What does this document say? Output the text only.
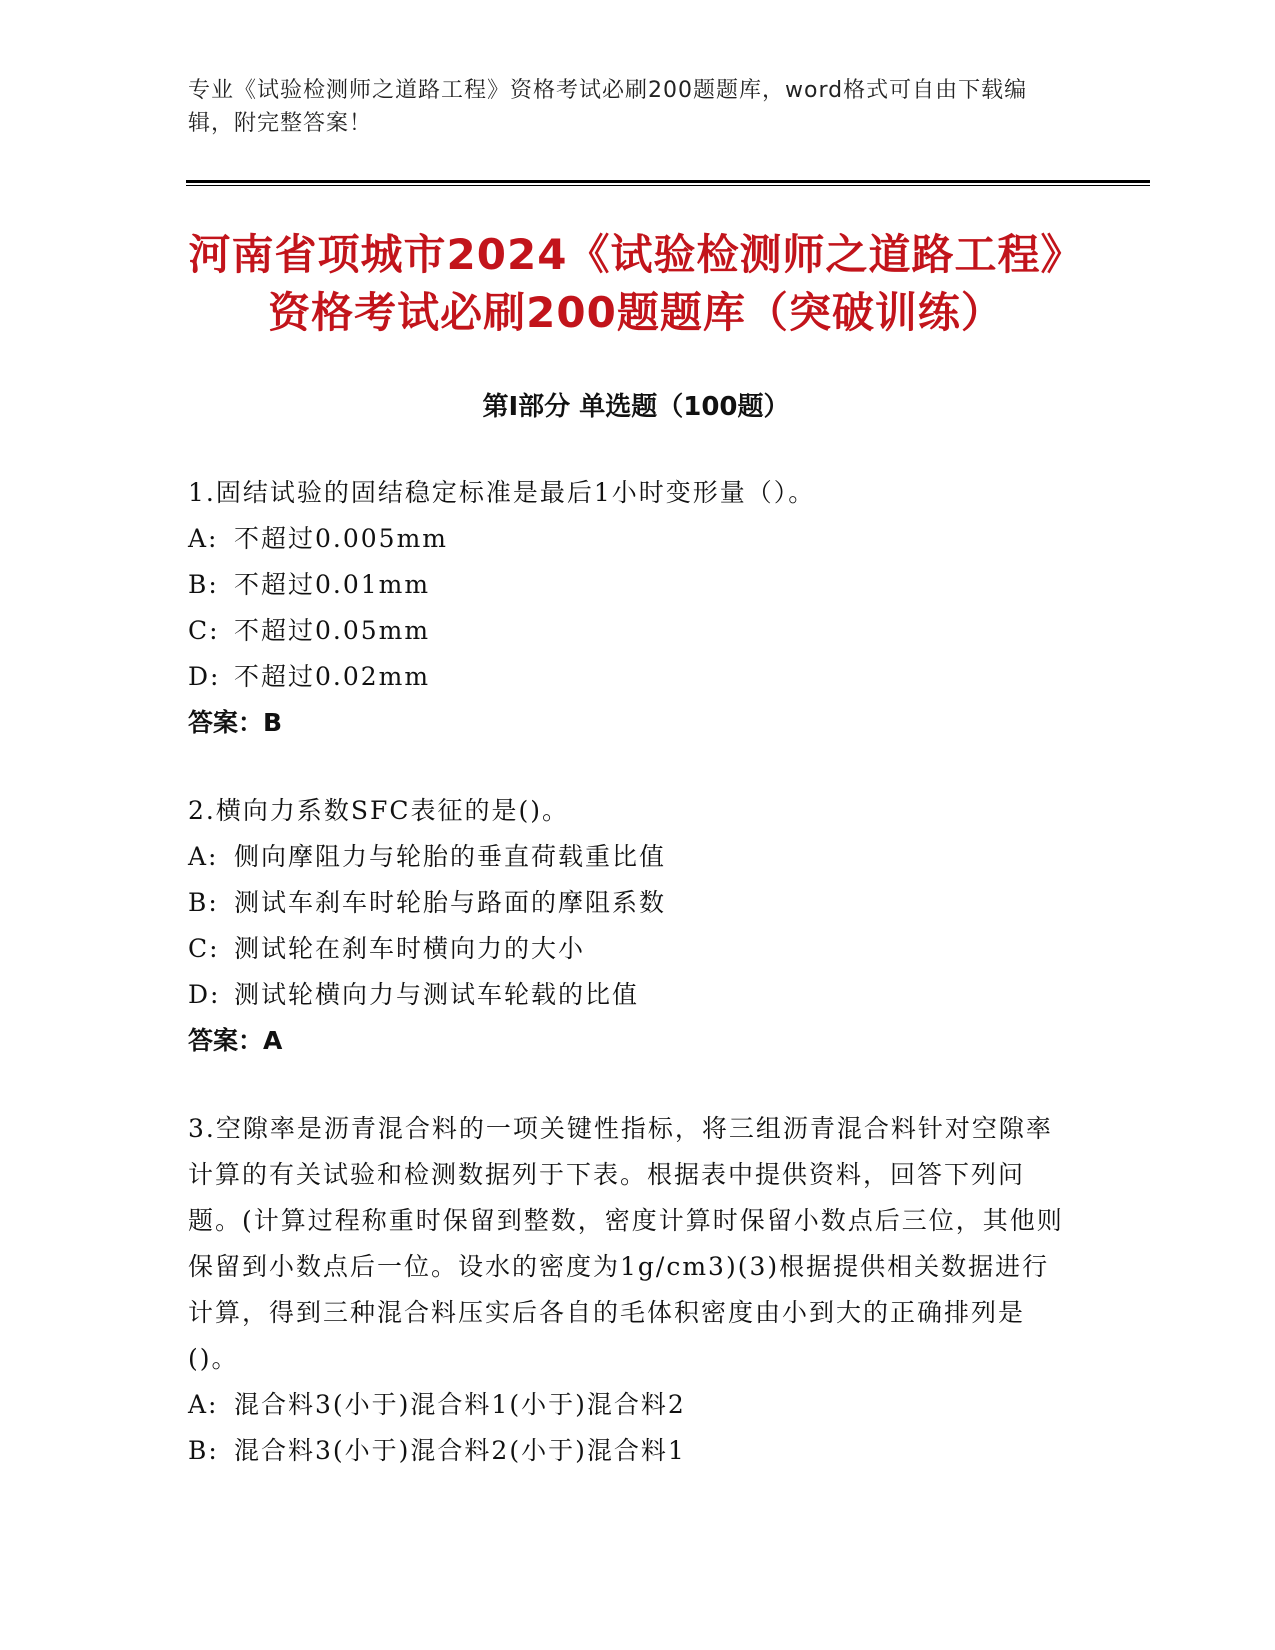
专业《试验检测师之道路工程》资格考试必刷200题题库，word格式可自由下载编辑，附完整答案！
河南省项城市2024《试验检测师之道路工程》资格考试必刷200题题库（突破训练）
第Ⅰ部分 单选题（100题）
1.固结试验的固结稳定标准是最后1小时变形量（）。
A: 不超过0.005mm
B: 不超过0.01mm
C: 不超过0.05mm
D: 不超过0.02mm
答案：B
2.横向力系数SFC表征的是()。
A: 侧向摩阻力与轮胎的垂直荷载重比值
B: 测试车刹车时轮胎与路面的摩阻系数
C: 测试轮在刹车时横向力的大小
D: 测试轮横向力与测试车轮载的比值
答案：A
3.空隙率是沥青混合料的一项关键性指标，将三组沥青混合料针对空隙率计算的有关试验和检测数据列于下表。根据表中提供资料，回答下列问题。(计算过程称重时保留到整数，密度计算时保留小数点后三位，其他则保留到小数点后一位。设水的密度为1g/cm3)(3)根据提供相关数据进行计算，得到三种混合料压实后各自的毛体积密度由小到大的正确排列是()。
A: 混合料3(小于)混合料1(小于)混合料2
B: 混合料3(小于)混合料2(小于)混合料1
